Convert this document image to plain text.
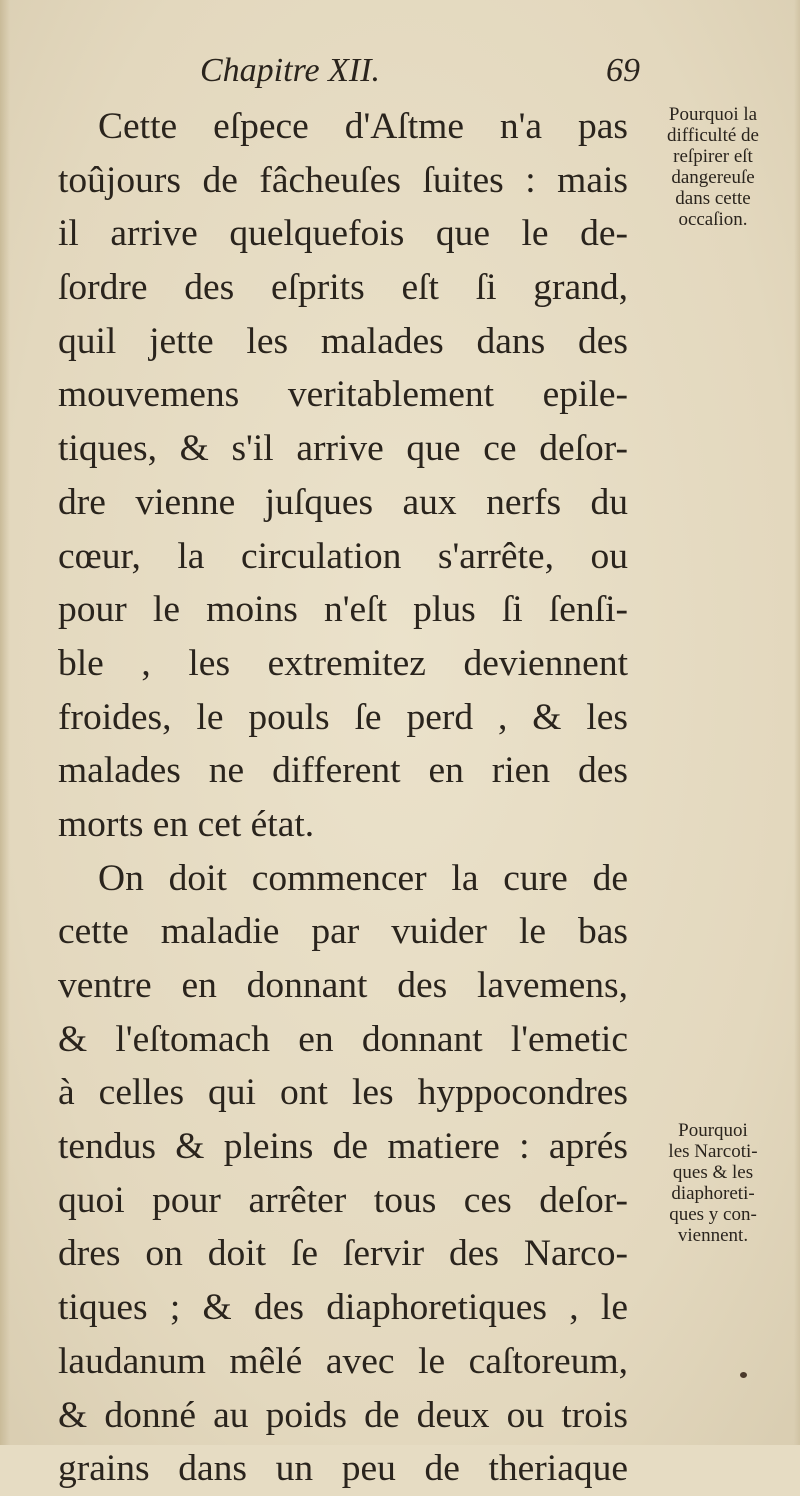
Chapitre XII.	69
Cette eſpece d'Aſtme n'a pas
toûjours de fâcheuſes ſuites : mais
il arrive quelquefois que le de-
ſordre des eſprits eſt ſi grand,
quil jette les malades dans des
mouvemens veritablement epile-
tiques, & s'il arrive que ce deſor-
dre vienne juſques aux nerfs du
cœur, la circulation s'arrête, ou
pour le moins n'eſt plus ſi ſenſi-
ble , les extremitez deviennent
froides, le pouls ſe perd , & les
malades ne different en rien des
morts en cet état.
On doit commencer la cure de
cette maladie par vuider le bas
ventre en donnant des lavemens,
& l'eſtomach en donnant l'emetic
à celles qui ont les hyppocondres
tendus & pleins de matiere : aprés
quoi pour arrêter tous ces deſor-
dres on doit ſe ſervir des Narco-
tiques ; & des diaphoretiques , le
laudanum mêlé avec le caſtoreum,
& donné au poids de deux ou trois
grains dans un peu de theriaque
Pourquoi la
difficulté de
reſpirer eſt
dangereuſe
dans cette
occaſion.
Pourquoi
les Narcoti-
ques & les
diaphoreti-
ques y con-
viennent.
